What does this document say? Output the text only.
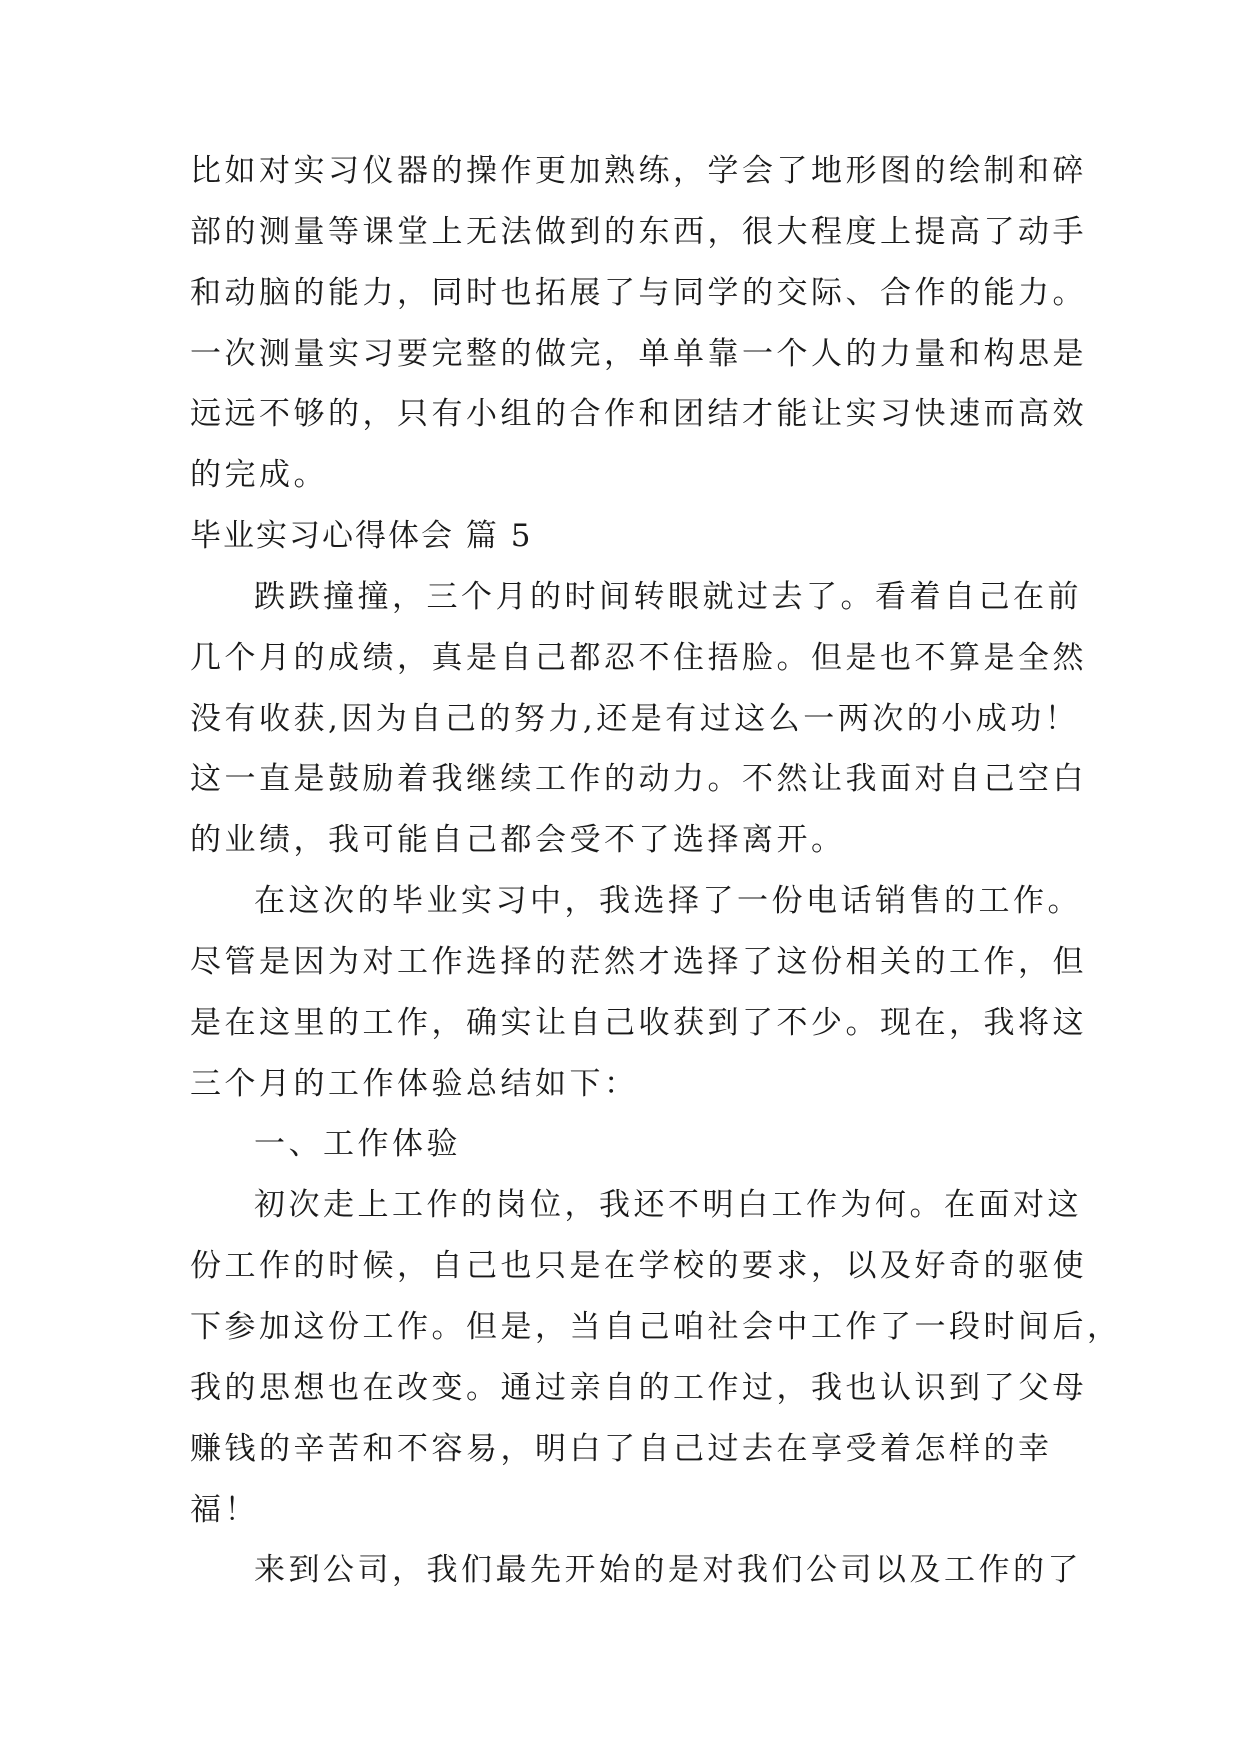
比如对实习仪器的操作更加熟练，学会了地形图的绘制和碎

部的测量等课堂上无法做到的东西，很大程度上提高了动手

和动脑的能力，同时也拓展了与同学的交际、合作的能力。

一次测量实习要完整的做完，单单靠一个人的力量和构思是

远远不够的，只有小组的合作和团结才能让实习快速而高效

的完成。

毕业实习心得体会 篇 5

跌跌撞撞，三个月的时间转眼就过去了。看着自己在前

几个月的成绩，真是自己都忍不住捂脸。但是也不算是全然

没有收获,因为自己的努力,还是有过这么一两次的小成功！

这一直是鼓励着我继续工作的动力。不然让我面对自己空白

的业绩，我可能自己都会受不了选择离开。

在这次的毕业实习中，我选择了一份电话销售的工作。

尽管是因为对工作选择的茫然才选择了这份相关的工作，但

是在这里的工作，确实让自己收获到了不少。现在，我将这

三个月的工作体验总结如下：

一、工作体验

初次走上工作的岗位，我还不明白工作为何。在面对这

份工作的时候，自己也只是在学校的要求，以及好奇的驱使

下参加这份工作。但是，当自己咱社会中工作了一段时间后，

我的思想也在改变。通过亲自的工作过，我也认识到了父母

赚钱的辛苦和不容易，明白了自己过去在享受着怎样的幸

福！

来到公司，我们最先开始的是对我们公司以及工作的了
